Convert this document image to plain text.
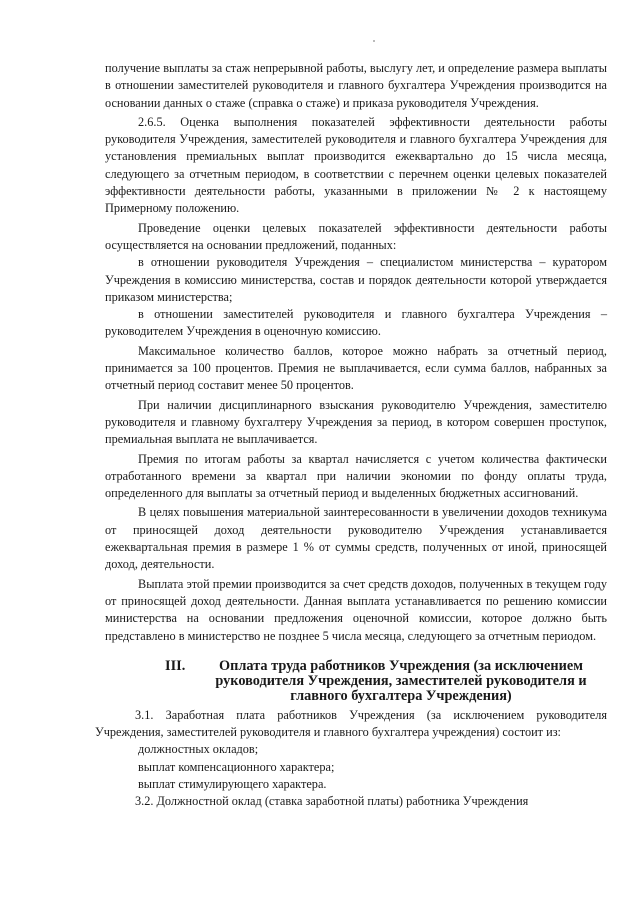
получение выплаты за стаж непрерывной работы, выслугу лет, и определение размера выплаты в отношении заместителей руководителя и главного бухгалтера Учреждения производится на основании данных о стаже (справка о стаже) и приказа руководителя Учреждения.

2.6.5. Оценка выполнения показателей эффективности деятельности работы руководителя Учреждения, заместителей руководителя и главного бухгалтера Учреждения для установления премиальных выплат производится ежеквартально до 15 числа месяца, следующего за отчетным периодом, в соответствии с перечнем оценки целевых показателей эффективности деятельности работы, указанными в приложении № 2 к настоящему Примерному положению.

Проведение оценки целевых показателей эффективности деятельности работы осуществляется на основании предложений, поданных:

в отношении руководителя Учреждения – специалистом министерства – куратором Учреждения в комиссию министерства, состав и порядок деятельности которой утверждается приказом министерства;

в отношении заместителей руководителя и главного бухгалтера Учреждения – руководителем Учреждения в оценочную комиссию.

Максимальное количество баллов, которое можно набрать за отчетный период, принимается за 100 процентов. Премия не выплачивается, если сумма баллов, набранных за отчетный период составит менее 50 процентов.

При наличии дисциплинарного взыскания руководителю Учреждения, заместителю руководителя и главному бухгалтеру Учреждения за период, в котором совершен проступок, премиальная выплата не выплачивается.

Премия по итогам работы за квартал начисляется с учетом количества фактически отработанного времени за квартал при наличии экономии по фонду оплаты труда, определенного для выплаты за отчетный период и выделенных бюджетных ассигнований.

В целях повышения материальной заинтересованности в увеличении доходов техникума от приносящей доход деятельности руководителю Учреждения устанавливается ежеквартальная премия в размере 1 % от суммы средств, полученных от иной, приносящей доход, деятельности.

Выплата этой премии производится за счет средств доходов, полученных в текущем году от приносящей доход деятельности. Данная выплата устанавливается по решению комиссии министерства на основании предложения оценочной комиссии, которое должно быть представлено в министерство не позднее 5 числа месяца, следующего за отчетным периодом.

III.	Оплата труда работников Учреждения (за исключением руководителя Учреждения, заместителей руководителя и главного бухгалтера Учреждения)

3.1. Заработная плата работников Учреждения (за исключением руководителя Учреждения, заместителей руководителя и главного бухгалтера учреждения) состоит из:

должностных окладов;

выплат компенсационного характера;

выплат стимулирующего характера.

3.2. Должностной оклад (ставка заработной платы) работника Учреждения
